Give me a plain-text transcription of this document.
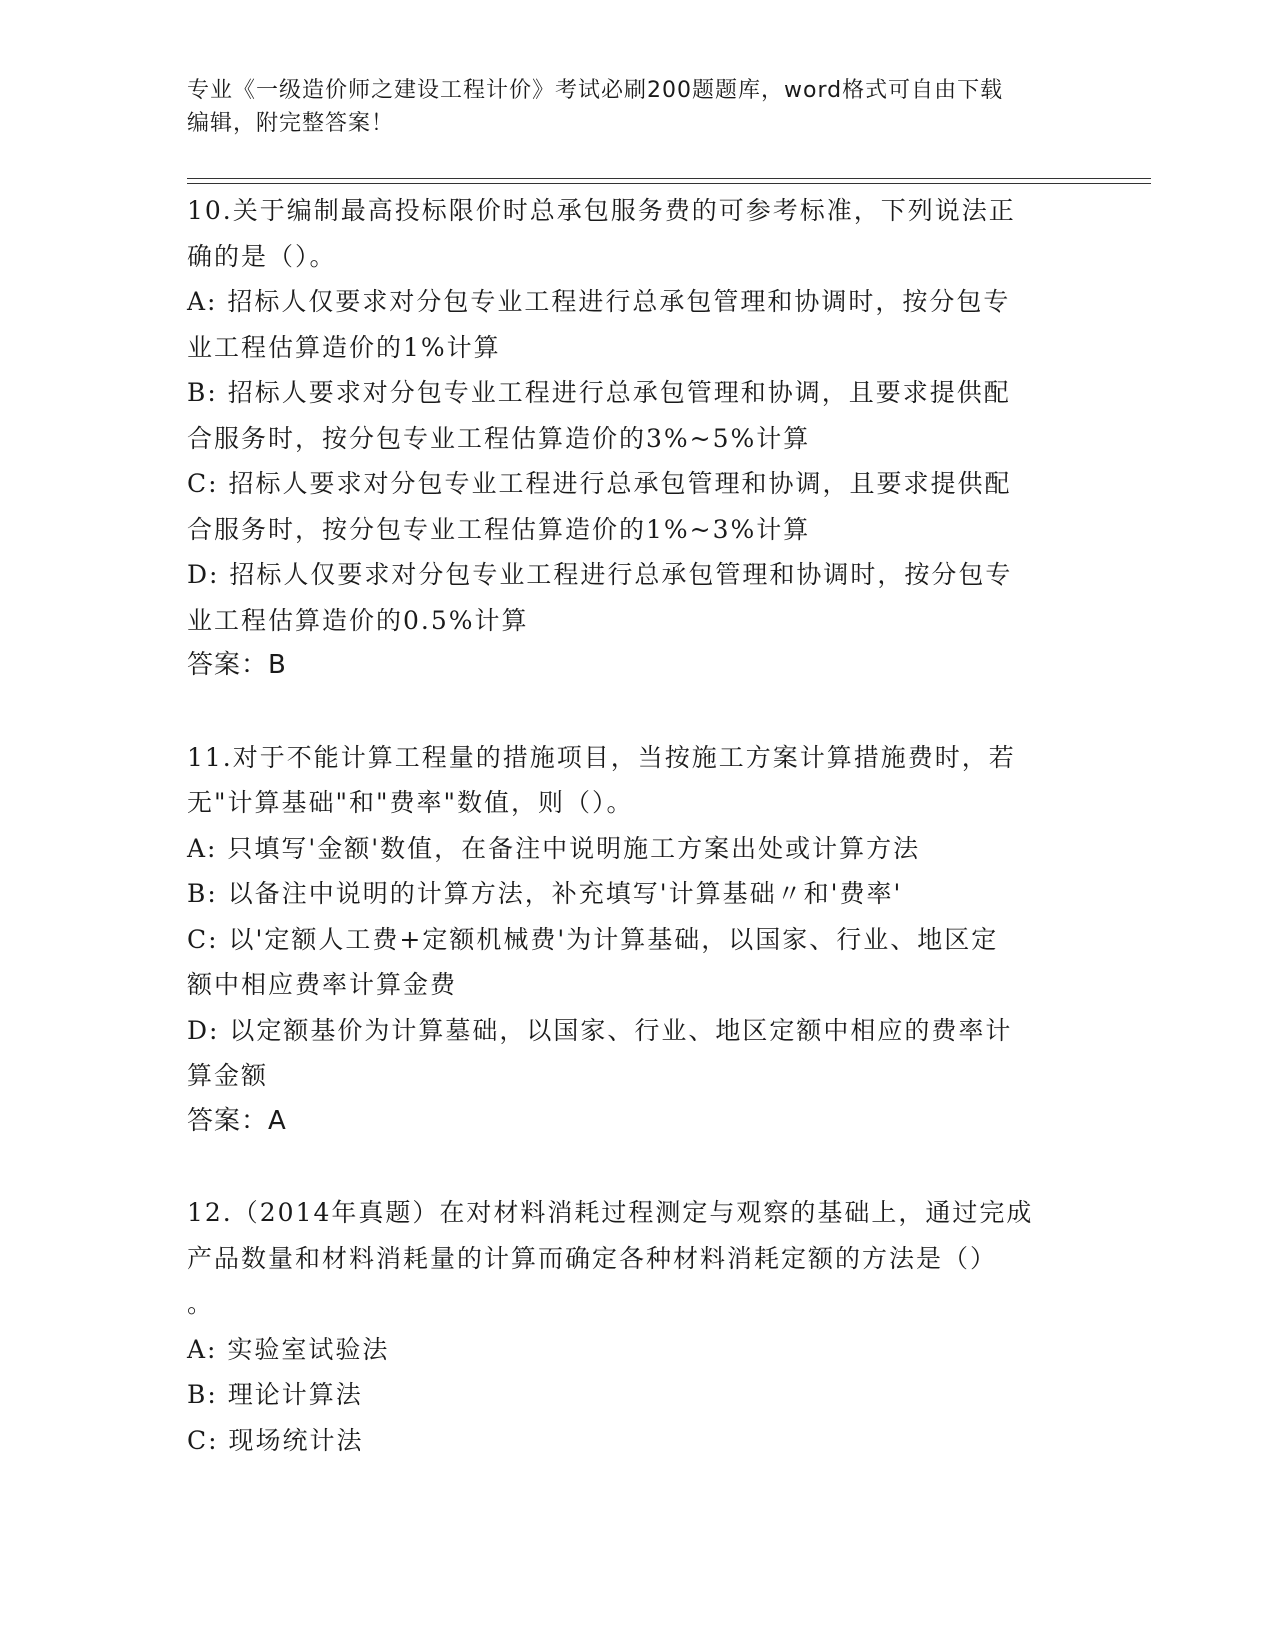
专业《一级造价师之建设工程计价》考试必刷200题题库，word格式可自由下载
编辑，附完整答案！
10.关于编制最高投标限价时总承包服务费的可参考标准，下列说法正
确的是（）。
A: 招标人仅要求对分包专业工程进行总承包管理和协调时，按分包专
业工程估算造价的1%计算
B: 招标人要求对分包专业工程进行总承包管理和协调，且要求提供配
合服务时，按分包专业工程估算造价的3%~5%计算
C: 招标人要求对分包专业工程进行总承包管理和协调，且要求提供配
合服务时，按分包专业工程估算造价的1%~3%计算
D: 招标人仅要求对分包专业工程进行总承包管理和协调时，按分包专
业工程估算造价的0.5%计算
答案：B
11.对于不能计算工程量的措施项目，当按施工方案计算措施费时，若
无"计算基础"和"费率"数值，则（）。
A: 只填写'金额'数值，在备注中说明施工方案出处或计算方法
B: 以备注中说明的计算方法，补充填写'计算基础〃和'费率'
C: 以'定额人工费+定额机械费'为计算基础，以国家、行业、地区定
额中相应费率计算金费
D: 以定额基价为计算墓础，以国家、行业、地区定额中相应的费率计
算金额
答案：A
12.（2014年真题）在对材料消耗过程测定与观察的基础上，通过完成
产品数量和材料消耗量的计算而确定各种材料消耗定额的方法是（）
。
A: 实验室试验法
B: 理论计算法
C: 现场统计法
